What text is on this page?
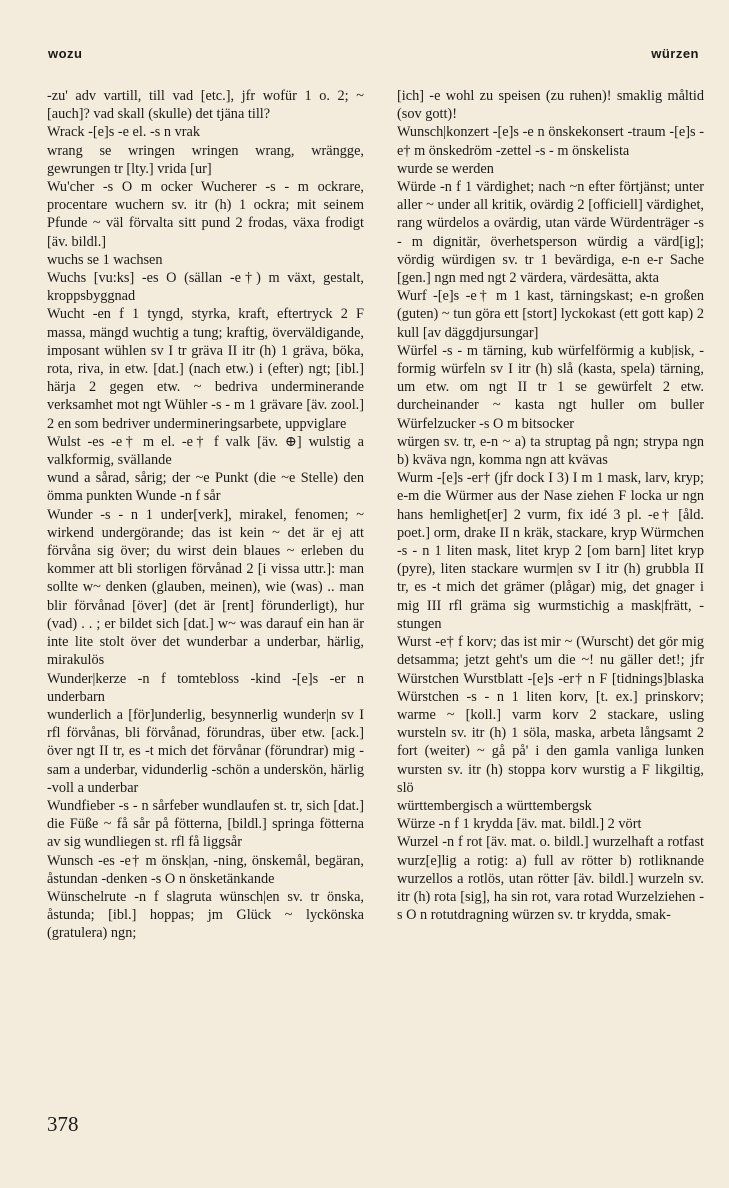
wozu	würzen

-zu' adv vartill, till vad [etc.], jfr wofür 1 o. 2; ~ [auch]? vad skall (skulle) det tjäna till?

Wrack -[e]s -e el. -s n vrak

wrang se wringen wringen wrang, wrängge, gewrungen tr [lty.] vrida [ur]

Wu'cher -s O m ocker Wucherer -s - m ockrare, procentare wuchern sv. itr (h) 1 ockra; mit seinem Pfunde ~ väl förvalta sitt pund 2 frodas, växa frodigt [äv. bildl.]

wuchs se 1 wachsen

Wuchs [vu:ks] -es O (sällan -e†) m växt, gestalt, kroppsbyggnad

Wucht -en f 1 tyngd, styrka, kraft, eftertryck 2 F massa, mängd wuchtig a tung; kraftig, överväldigande, imposant wühlen sv I tr gräva II itr (h) 1 gräva, böka, rota, riva, in etw. [dat.] (nach etw.) i (efter) ngt; [ibl.] härja 2 gegen etw. ~ bedriva underminerande verksamhet mot ngt Wühler -s - m 1 grävare [äv. zool.] 2 en som bedriver undermineringsarbete, uppviglare

Wulst -es -e† m el. -e† f valk [äv. ⊕] wulstig a valkformig, svällande

wund a sårad, sårig; der ~e Punkt (die ~e Stelle) den ömma punkten Wunde -n f sår

Wunder -s - n 1 under[verk], mirakel, fenomen; ~ wirkend undergörande; das ist kein ~ det är ej att förvåna sig över; du wirst dein blaues ~ erleben du kommer att bli storligen förvånad 2 [i vissa uttr.]: man sollte w~ denken (glauben, meinen), wie (was) .. man blir förvånad [över] (det är [rent] förunderligt), hur (vad) . . ; er bildet sich [dat.] w~ was darauf ein han är inte lite stolt över det wunderbar a underbar, härlig, mirakulös

Wunder|kerze -n f tomtebloss -kind -[e]s -er n underbarn

wunderlich a [för]underlig, besynnerlig wunder|n sv I rfl förvånas, bli förvånad, förundras, über etw. [ack.] över ngt II tr, es -t mich det förvånar (förundrar) mig -sam a underbar, vidunderlig -schön a underskön, härlig -voll a underbar

Wundfieber -s - n sårfeber wundlaufen st. tr, sich [dat.] die Füße ~ få sår på fötterna, [bildl.] springa fötterna av sig wundliegen st. rfl få liggsår

Wunsch -es -e† m önsk|an, -ning, önskemål, begäran, åstundan -denken -s O n önsketänkande

Wünschelrute -n f slagruta wünsch|en sv. tr önska, åstunda; [ibl.] hoppas; jm Glück ~ lyckönska (gratulera) ngn;

[ich] -e wohl zu speisen (zu ruhen)! smaklig måltid (sov gott)!

Wunsch|konzert -[e]s -e n önskekonsert -traum -[e]s -e† m önskedröm -zettel -s - m önskelista

wurde se werden

Würde -n f 1 värdighet; nach ~n efter förtjänst; unter aller ~ under all kritik, ovärdig 2 [officiell] värdighet, rang würdelos a ovärdig, utan värde Würdenträger -s - m dignitär, överhetsperson würdig a värd[ig]; vördig würdigen sv. tr 1 bevärdiga, e-n e-r Sache [gen.] ngn med ngt 2 värdera, värdesätta, akta

Wurf -[e]s -e† m 1 kast, tärningskast; e-n großen (guten) ~ tun göra ett [stort] lyckokast (ett gott kap) 2 kull [av däggdjursungar]

Würfel -s - m tärning, kub würfelförmig a kub|isk, -formig würfeln sv I itr (h) slå (kasta, spela) tärning, um etw. om ngt II tr 1 se gewürfelt 2 etw. durcheinander ~ kasta ngt huller om buller Würfelzucker -s O m bitsocker

würgen sv. tr, e-n ~ a) ta struptag på ngn; strypa ngn b) kväva ngn, komma ngn att kvävas

Wurm -[e]s -er† (jfr dock I 3) I m 1 mask, larv, kryp; e-m die Würmer aus der Nase ziehen F locka ur ngn hans hemlighet[er] 2 vurm, fix idé 3 pl. -e† [åld. poet.] orm, drake II n kräk, stackare, kryp Würmchen -s - n 1 liten mask, litet kryp 2 [om barn] litet kryp (pyre), liten stackare wurm|en sv I itr (h) grubbla II tr, es -t mich det grämer (plågar) mig, det gnager i mig III rfl gräma sig wurmstichig a mask|frätt, -stungen

Wurst -e† f korv; das ist mir ~ (Wurscht) det gör mig detsamma; jetzt geht's um die ~! nu gäller det!; jfr Würstchen Wurstblatt -[e]s -er† n F [tidnings]blaska Würstchen -s - n 1 liten korv, [t. ex.] prinskorv; warme ~ [koll.] varm korv 2 stackare, usling wursteln sv. itr (h) 1 söla, maska, arbeta långsamt 2 fort (weiter) ~ gå på' i den gamla vanliga lunken wursten sv. itr (h) stoppa korv wurstig a F likgiltig, slö

württembergisch a württembergsk

Würze -n f 1 krydda [äv. mat. bildl.] 2 vört

Wurzel -n f rot [äv. mat. o. bildl.] wurzelhaft a rotfast wurz[e]lig a rotig: a) full av rötter b) rotliknande wurzellos a rotlös, utan rötter [äv. bildl.] wurzeln sv. itr (h) rota [sig], ha sin rot, vara rotad Wurzelziehen -s O n rotutdragning würzen sv. tr krydda, smak-

378
